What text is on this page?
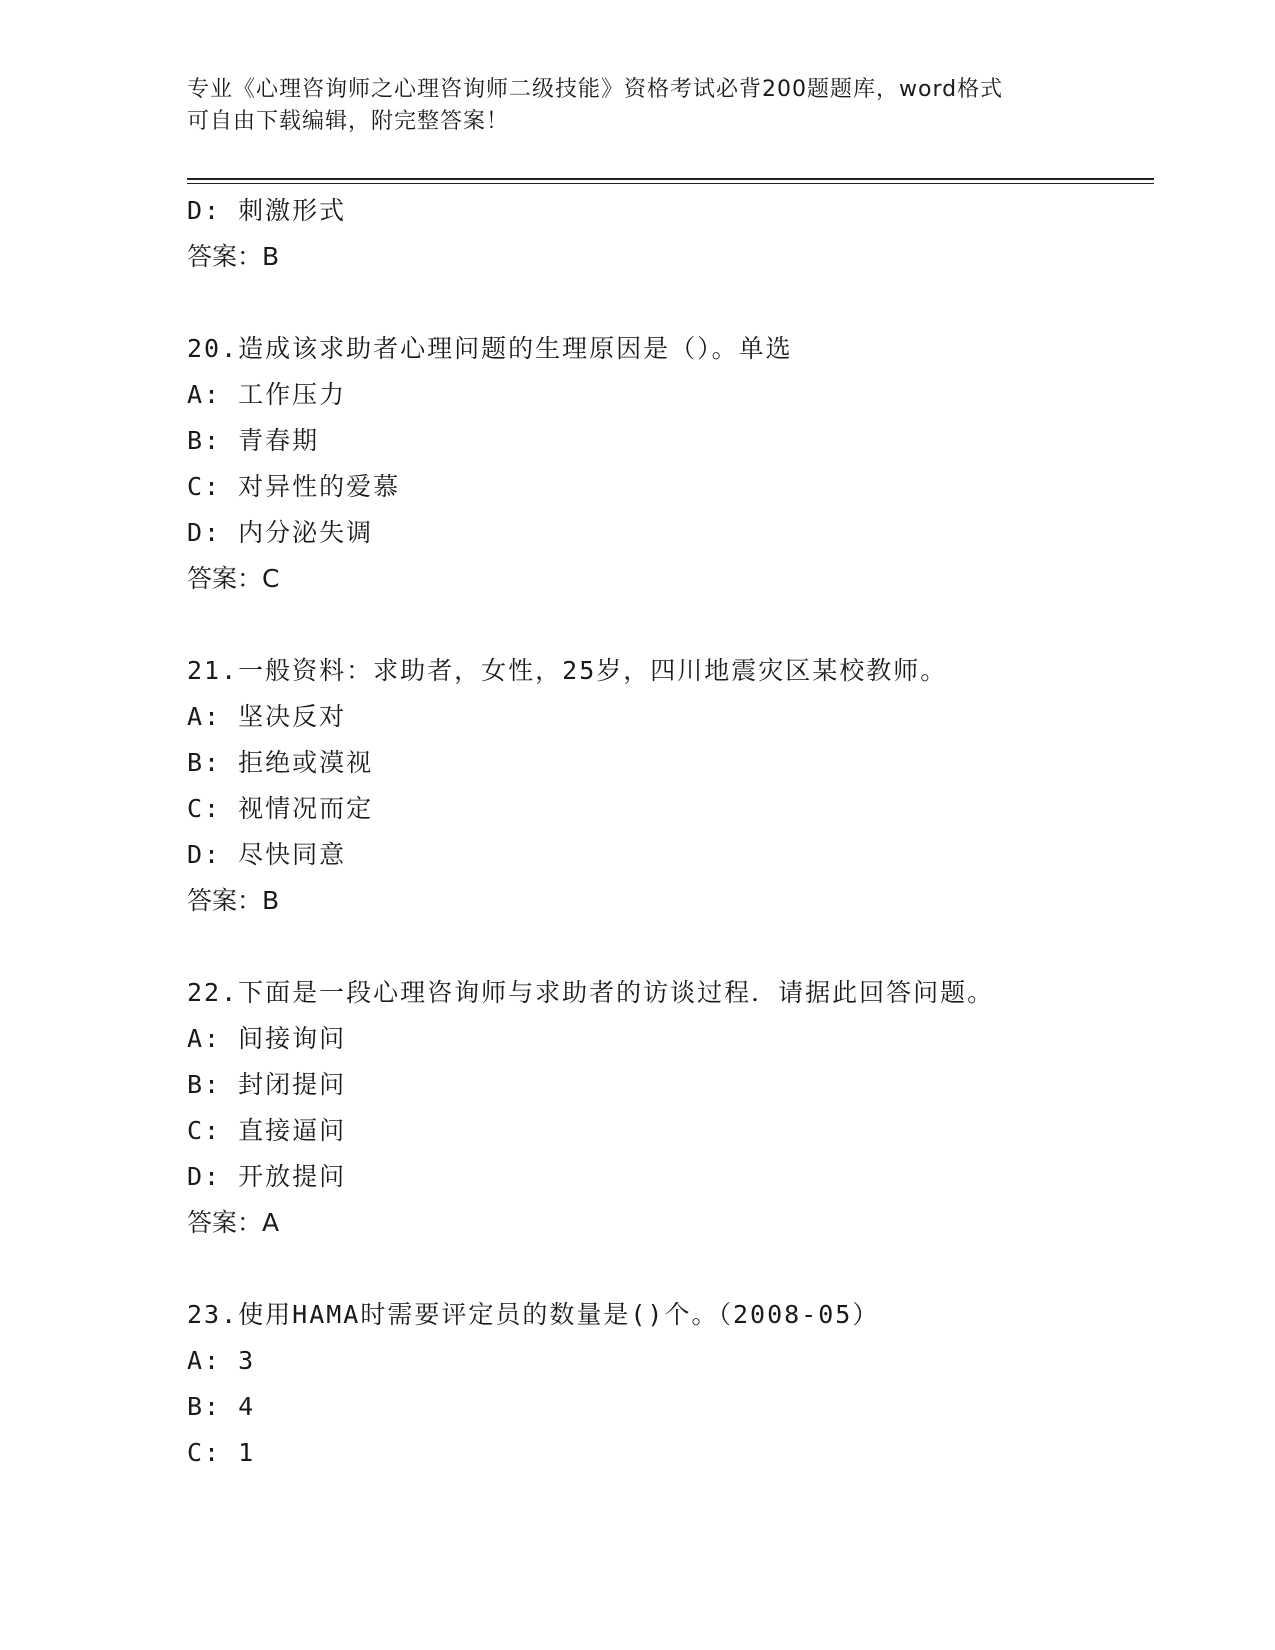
专业《心理咨询师之心理咨询师二级技能》资格考试必背200题题库，word格式
可自由下载编辑，附完整答案！
D: 刺激形式
答案：B
20.造成该求助者心理问题的生理原因是（）。单选
A: 工作压力
B: 青春期
C: 对异性的爱慕
D: 内分泌失调
答案：C
21.一般资料：求助者，女性，25岁，四川地震灾区某校教师。
A: 坚决反对
B: 拒绝或漠视
C: 视情况而定
D: 尽快同意
答案：B
22.下面是一段心理咨询师与求助者的访谈过程．请据此回答问题。
A: 间接询问
B: 封闭提问
C: 直接逼问
D: 开放提问
答案：A
23.使用HAMA时需要评定员的数量是()个。（2008-05）
A: 3
B: 4
C: 1
